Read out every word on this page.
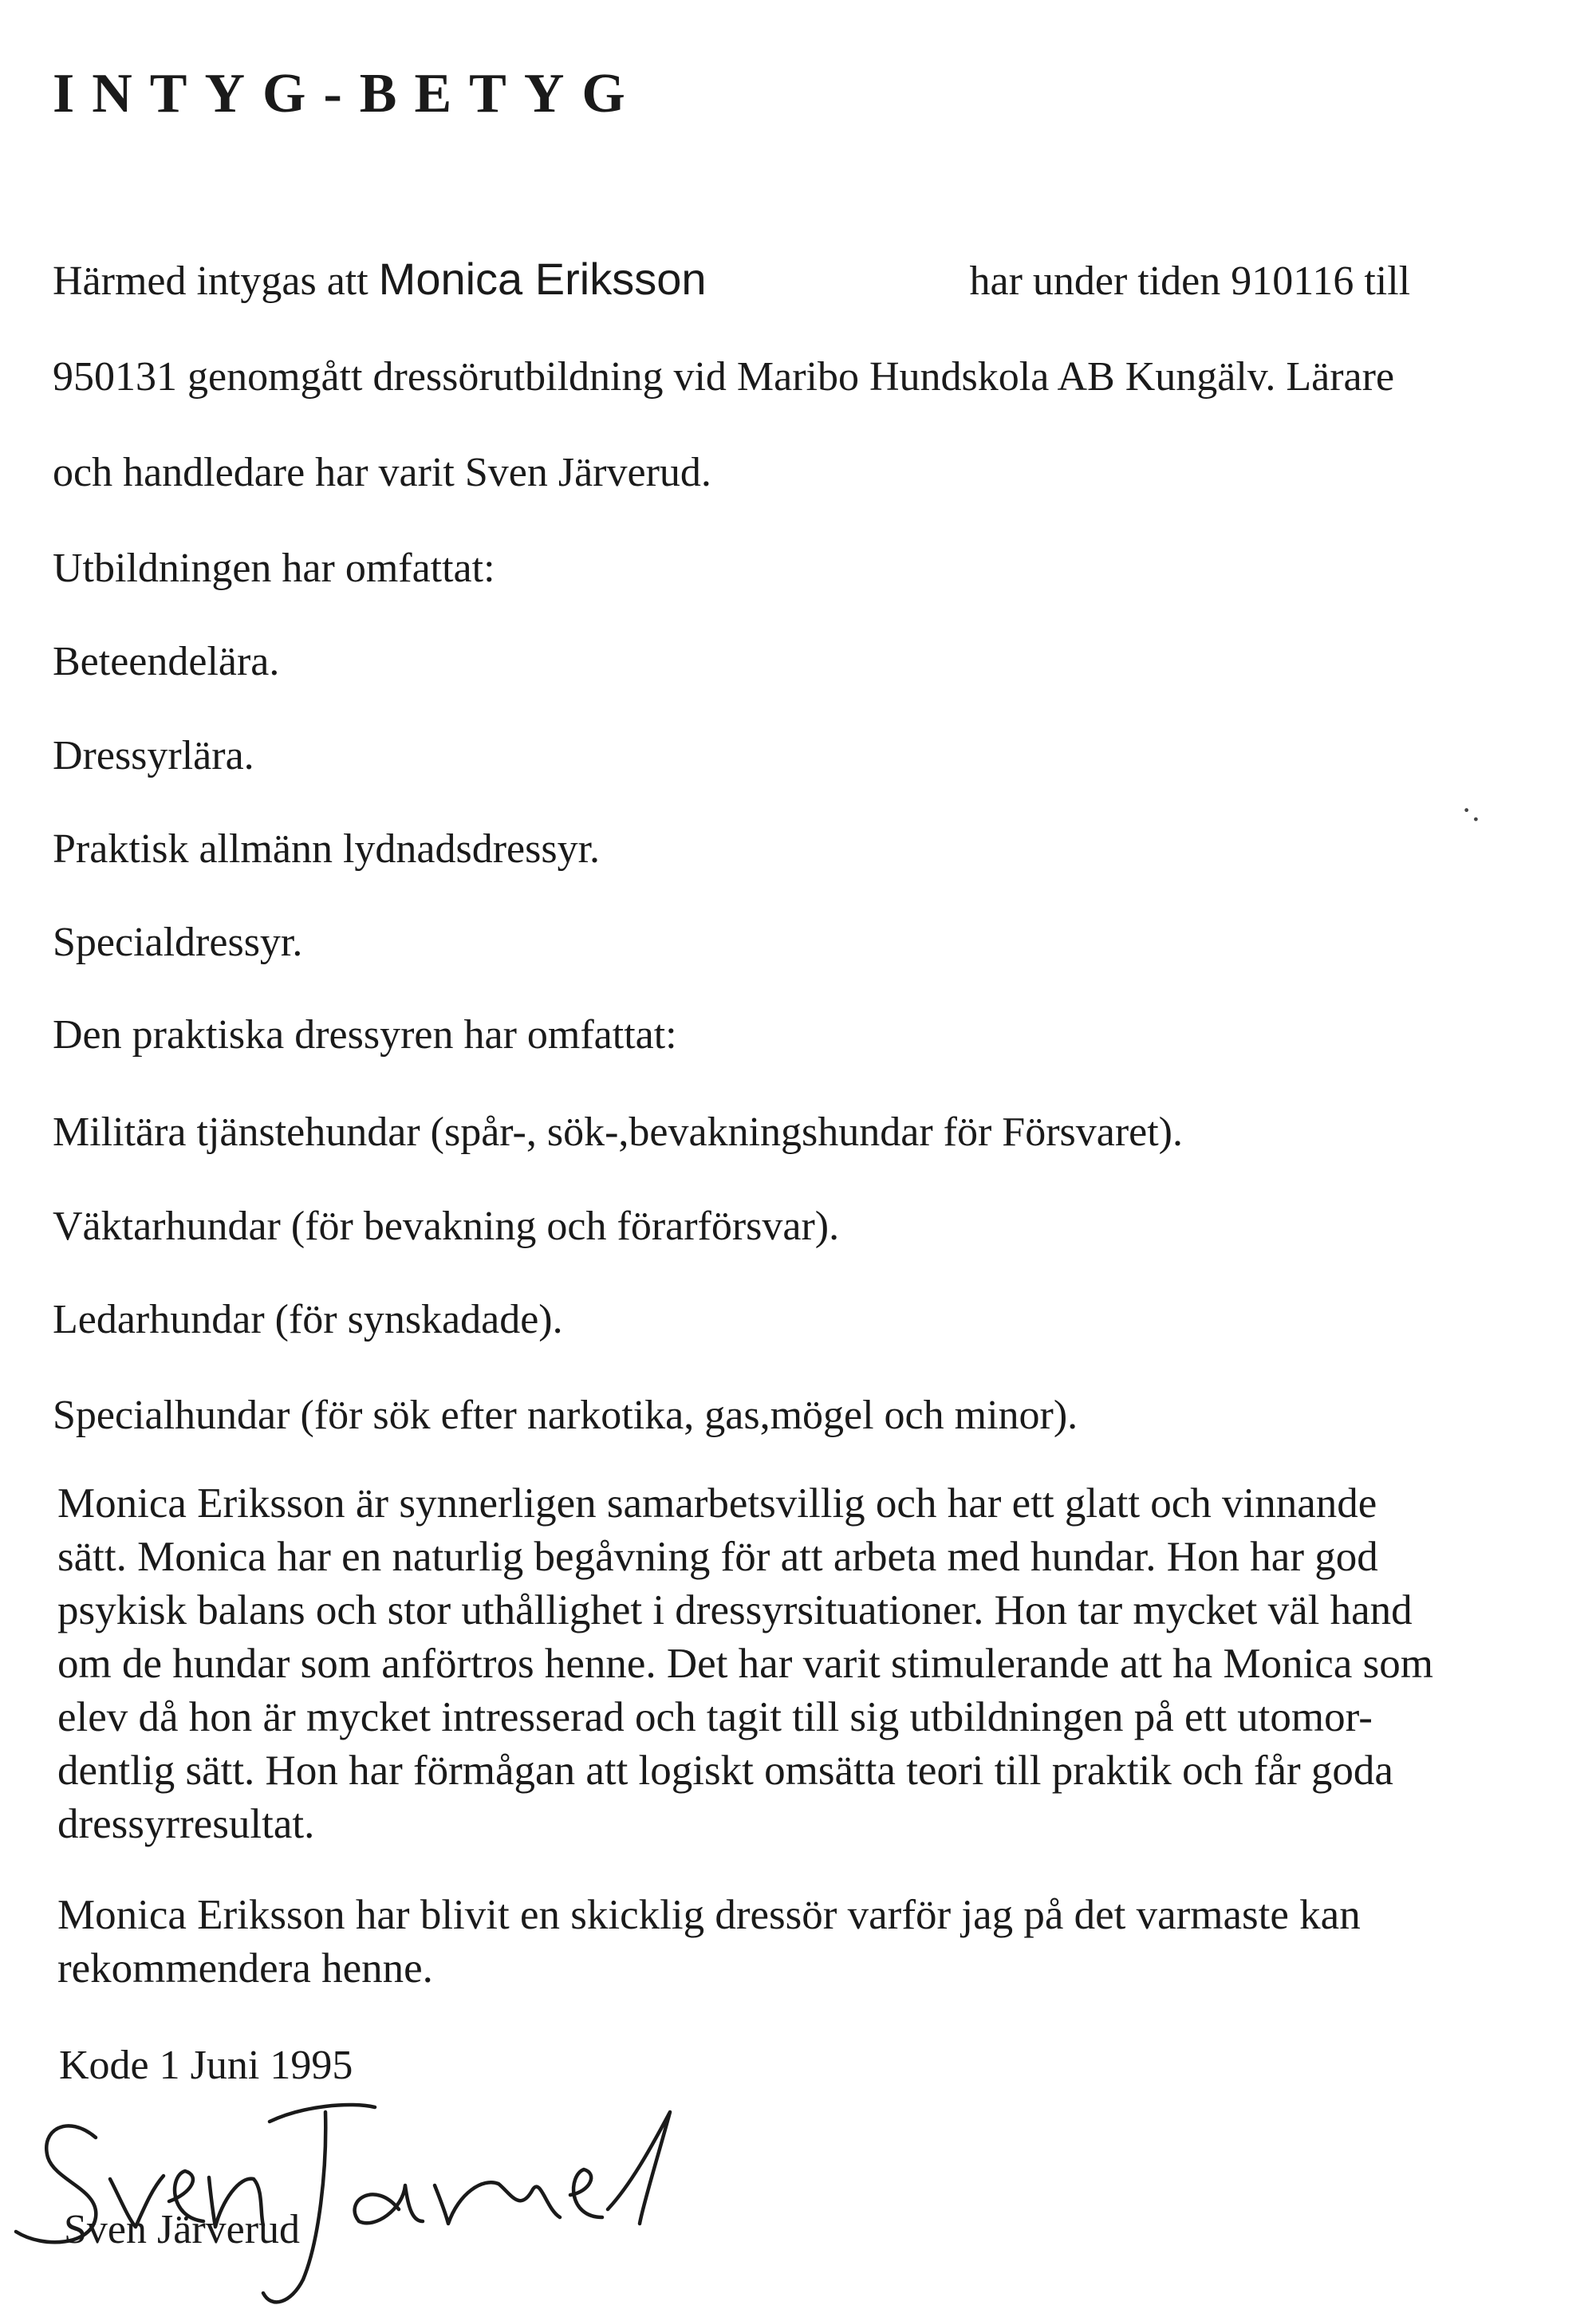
INTYG-BETYG

Härmed intygas att Monica Eriksson	har under tiden 910116 till

950131 genomgått dressörutbildning vid Maribo Hundskola AB Kungälv. Lärare

och handledare har varit Sven Järverud.

Utbildningen har omfattat:

Beteendelära.

Dressyrlära.

Praktisk allmänn lydnadsdressyr.

Specialdressyr.

Den praktiska dressyren har omfattat:

Militära tjänstehundar (spår-, sök-,bevakningshundar för Försvaret).

Väktarhundar (för bevakning och förarförsvar).

Ledarhundar (för synskadade).

Specialhundar (för sök efter narkotika, gas,mögel och minor).

Monica Eriksson är synnerligen samarbetsvillig och har ett glatt och vinnande
sätt. Monica har en naturlig begåvning för att arbeta med hundar. Hon har god
psykisk balans och stor uthållighet i dressyrsituationer. Hon tar mycket väl hand
om de hundar som anförtros henne. Det har varit stimulerande att ha Monica som
elev då hon är mycket intresserad och tagit till sig utbildningen på ett utomor-
dentlig sätt. Hon har förmågan att logiskt omsätta teori till praktik och får goda
dressyrresultat.
Monica Eriksson har blivit en skicklig dressör varför jag på det varmaste kan
rekommendera henne.

Kode 1 Juni 1995

·.

Sven Järverud
